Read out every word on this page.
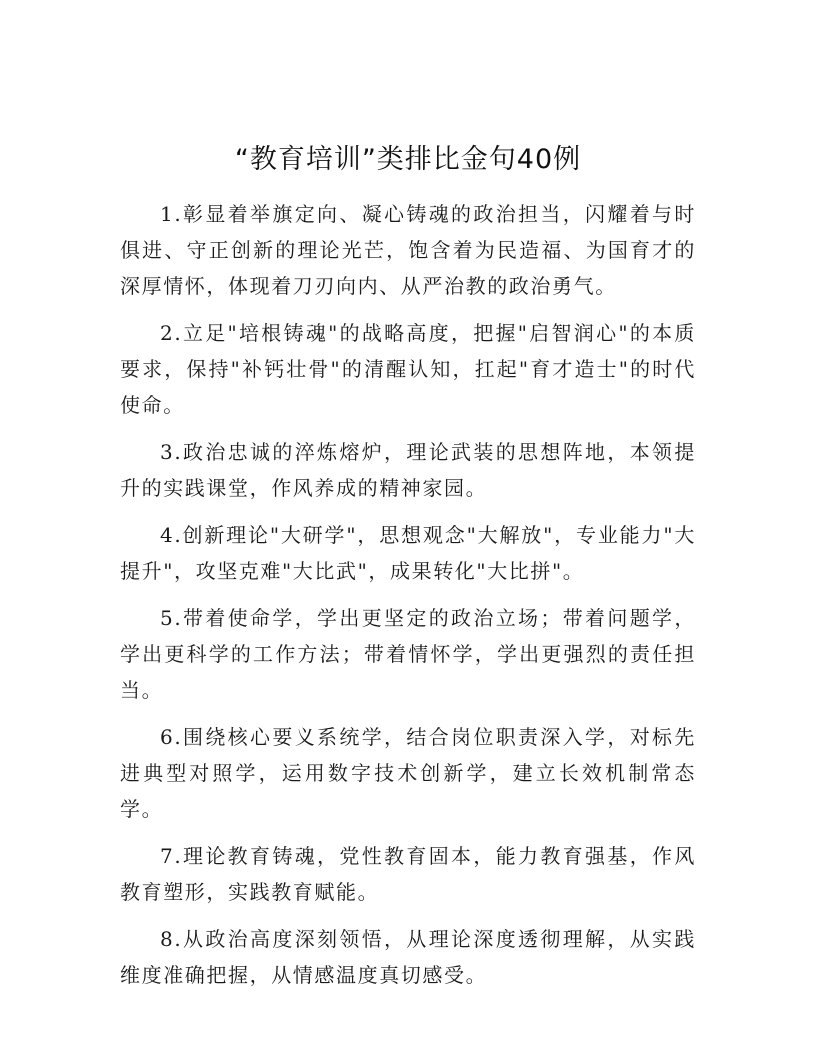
“教育培训”类排比金句40例

1.彰显着举旗定向、凝心铸魂的政治担当，闪耀着与时俱进、守正创新的理论光芒，饱含着为民造福、为国育才的深厚情怀，体现着刀刃向内、从严治教的政治勇气。

2.立足"培根铸魂"的战略高度，把握"启智润心"的本质要求，保持"补钙壮骨"的清醒认知，扛起"育才造士"的时代使命。

3.政治忠诚的淬炼熔炉，理论武装的思想阵地，本领提升的实践课堂，作风养成的精神家园。

4.创新理论"大研学"，思想观念"大解放"，专业能力"大提升"，攻坚克难"大比武"，成果转化"大比拼"。

5.带着使命学，学出更坚定的政治立场；带着问题学，学出更科学的工作方法；带着情怀学，学出更强烈的责任担当。

6.围绕核心要义系统学，结合岗位职责深入学，对标先进典型对照学，运用数字技术创新学，建立长效机制常态学。

7.理论教育铸魂，党性教育固本，能力教育强基，作风教育塑形，实践教育赋能。

8.从政治高度深刻领悟，从理论深度透彻理解，从实践维度准确把握，从情感温度真切感受。
